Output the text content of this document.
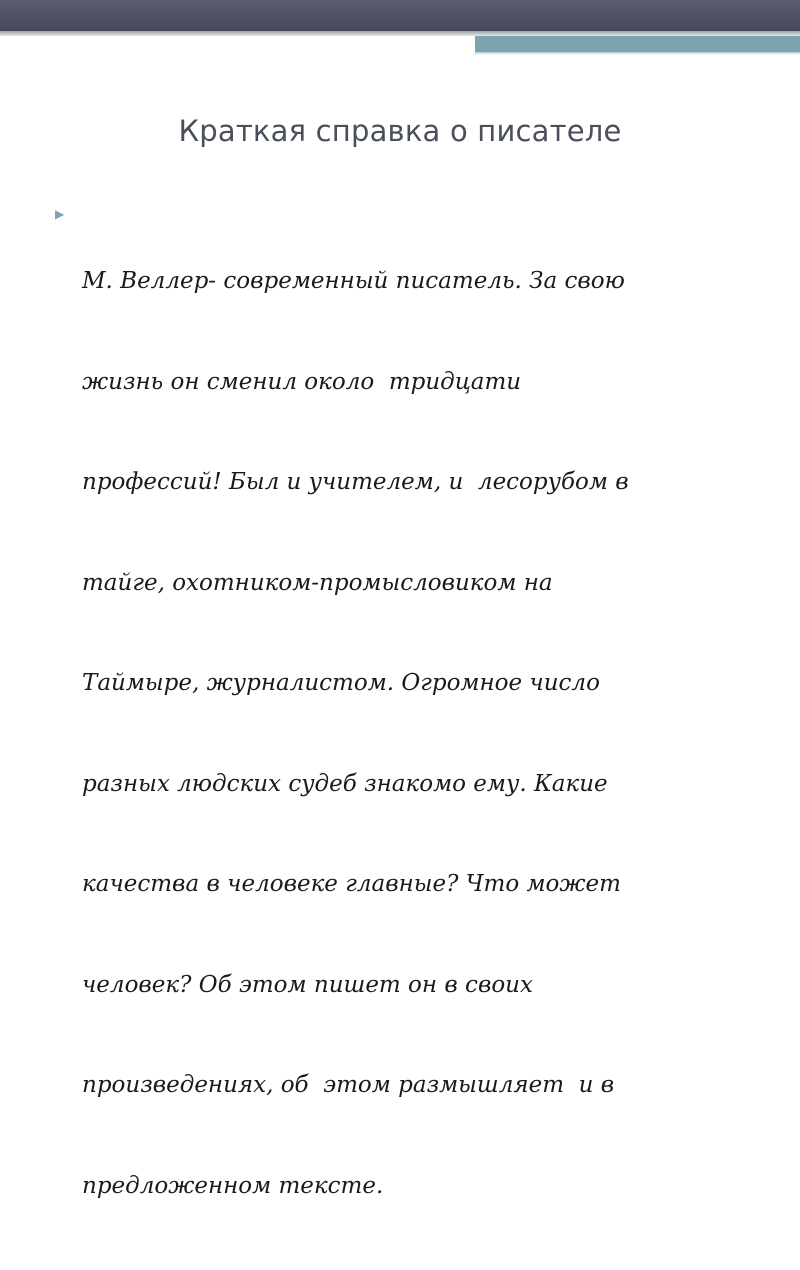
Краткая справка о писателе
▶

М. Веллер- современный писатель. За свою

жизнь он сменил около  тридцати

профессий! Был и учителем, и  лесорубом в

тайге, охотником-промысловиком на

Таймыре, журналистом. Огромное число

разных людских судеб знакомо ему. Какие

качества в человеке главные? Что может

человек? Об этом пишет он в своих

произведениях, об  этом размышляет  и в

предложенном тексте.
